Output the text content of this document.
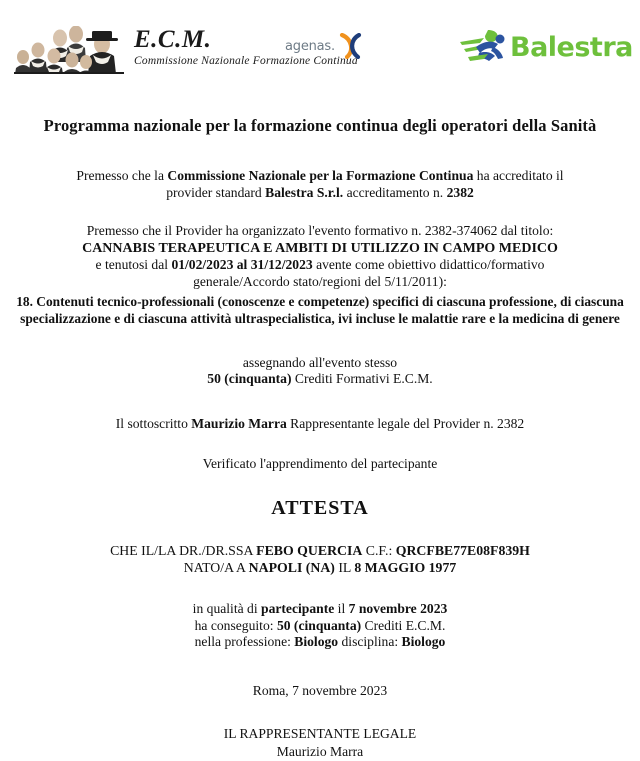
E.C.M.
Commissione Nazionale Formazione Continua
agenas.	Balestra
Programma nazionale per la formazione continua degli operatori della Sanità
Premesso che la Commissione Nazionale per la Formazione Continua ha accreditato il
provider standard Balestra S.r.l. accreditamento n. 2382
Premesso che il Provider ha organizzato l'evento formativo n. 2382-374062 dal titolo:
CANNABIS TERAPEUTICA E AMBITI DI UTILIZZO IN CAMPO MEDICO
e tenutosi dal 01/02/2023 al 31/12/2023 avente come obiettivo didattico/formativo
generale/Accordo stato/regioni del 5/11/2011):
18. Contenuti tecnico-professionali (conoscenze e competenze) specifici di ciascuna professione, di ciascuna specializzazione e di ciascuna attività ultraspecialistica, ivi incluse le malattie rare e la medicina di genere
assegnando all'evento stesso
50 (cinquanta) Crediti Formativi E.C.M.
Il sottoscritto Maurizio Marra Rappresentante legale del Provider n. 2382
Verificato l'apprendimento del partecipante
ATTESTA
CHE IL/LA DR./DR.SSA FEBO QUERCIA C.F.: QRCFBE77E08F839H
NATO/A A NAPOLI (NA) IL 8 MAGGIO 1977
in qualità di partecipante il 7 novembre 2023
ha conseguito: 50 (cinquanta) Crediti E.C.M.
nella professione: Biologo disciplina: Biologo
Roma, 7 novembre 2023
IL RAPPRESENTANTE LEGALE
Maurizio Marra
